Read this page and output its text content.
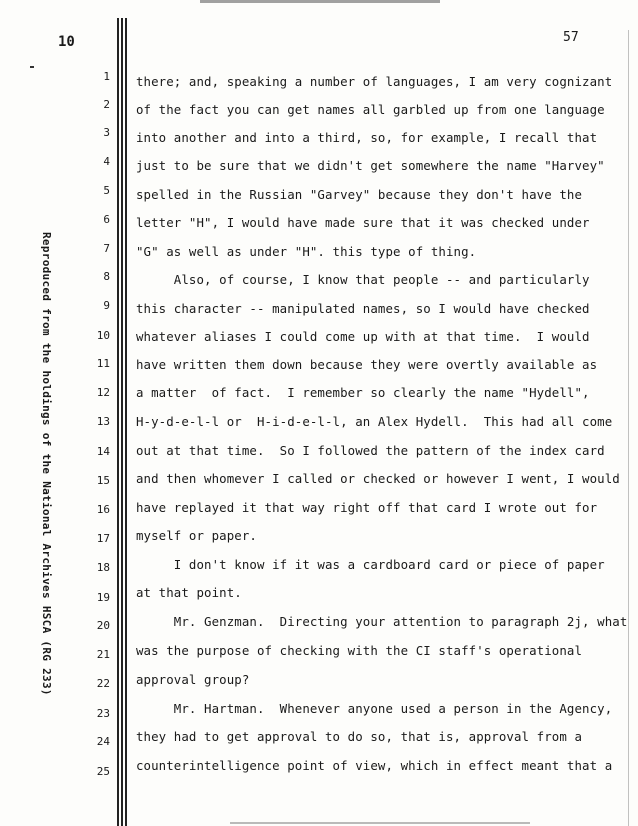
10	57
Reproduced from the holdings of the National Archives HSCA (RG 233)
1 there; and, speaking a number of languages, I am very cognizant
2 of the fact you can get names all garbled up from one language
3 into another and into a third, so, for example, I recall that
4 just to be sure that we didn't get somewhere the name "Harvey"
5 spelled in the Russian "Garvey" because they don't have the
6 letter "H", I would have made sure that it was checked under
7 "G" as well as under "H". this type of thing.
8 Also, of course, I know that people -- and particularly
9 this character -- manipulated names, so I would have checked
10 whatever aliases I could come up with at that time.  I would
11 have written them down because they were overtly available as
12 a matter  of fact.  I remember so clearly the name "Hydell",
13 H-y-d-e-l-l or  H-i-d-e-l-l, an Alex Hydell.  This had all come
14 out at that time.  So I followed the pattern of the index card
15 and then whomever I called or checked or however I went, I would
16 have replayed it that way right off that card I wrote out for
17 myself or paper.
18 I don't know if it was a cardboard card or piece of paper
19 at that point.
20 Mr. Genzman.  Directing your attention to paragraph 2j, what
21 was the purpose of checking with the CI staff's operational
22 approval group?
23 Mr. Hartman.  Whenever anyone used a person in the Agency,
24 they had to get approval to do so, that is, approval from a
25 counterintelligence point of view, which in effect meant that a
